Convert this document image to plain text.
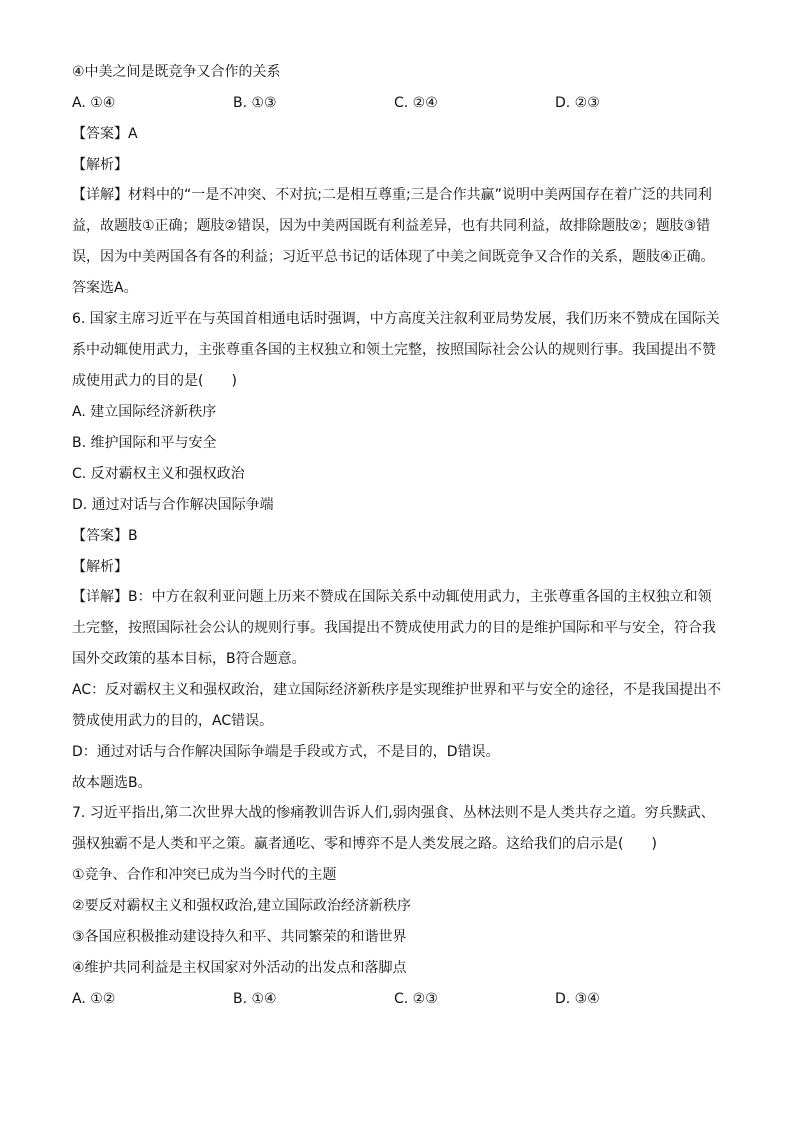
④中美之间是既竞争又合作的关系
A. ①④	B. ①③	C. ②④	D. ②③
【答案】A
【解析】
【详解】材料中的“一是不冲突、不对抗;二是相互尊重;三是合作共赢”说明中美两国存在着广泛的共同利益，故题肢①正确；题肢②错误，因为中美两国既有利益差异，也有共同利益，故排除题肢②；题肢③错误，因为中美两国各有各的利益；习近平总书记的话体现了中美之间既竞争又合作的关系，题肢④正确。答案选A。
6. 国家主席习近平在与英国首相通电话时强调，中方高度关注叙利亚局势发展，我们历来不赞成在国际关系中动辄使用武力，主张尊重各国的主权独立和领土完整，按照国际社会公认的规则行事。我国提出不赞成使用武力的目的是(　　)
A. 建立国际经济新秩序
B. 维护国际和平与安全
C. 反对霸权主义和强权政治
D. 通过对话与合作解决国际争端
【答案】B
【解析】
【详解】B：中方在叙利亚问题上历来不赞成在国际关系中动辄使用武力，主张尊重各国的主权独立和领土完整，按照国际社会公认的规则行事。我国提出不赞成使用武力的目的是维护国际和平与安全，符合我国外交政策的基本目标，B符合题意。
AC：反对霸权主义和强权政治，建立国际经济新秩序是实现维护世界和平与安全的途径，不是我国提出不赞成使用武力的目的，AC错误。
D：通过对话与合作解决国际争端是手段或方式，不是目的，D错误。
故本题选B。
7. 习近平指出,第二次世界大战的惨痛教训告诉人们,弱肉强食、丛林法则不是人类共存之道。穷兵黩武、强权独霸不是人类和平之策。赢者通吃、零和博弈不是人类发展之路。这给我们的启示是(　　)
①竞争、合作和冲突已成为当今时代的主题
②要反对霸权主义和强权政治,建立国际政治经济新秩序
③各国应积极推动建设持久和平、共同繁荣的和谐世界
④维护共同利益是主权国家对外活动的出发点和落脚点
A. ①②	B. ①④	C. ②③	D. ③④
